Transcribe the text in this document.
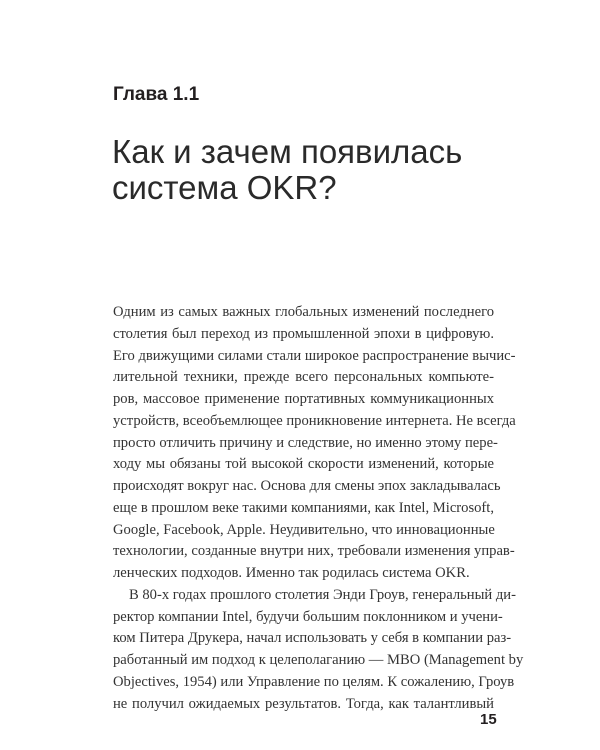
Глава 1.1
Как и зачем появилась
система OKR?
Одним из самых важных глобальных изменений последнего
столетия был переход из промышленной эпохи в цифровую.
Его движущими силами стали широкое распространение вычис-
лительной техники, прежде всего персональных компьюте-
ров, массовое применение портативных коммуникационных
устройств, всеобъемлющее проникновение интернета. Не всегда
просто отличить причину и следствие, но именно этому пере-
ходу мы обязаны той высокой скорости изменений, которые
происходят вокруг нас. Основа для смены эпох закладывалась
еще в прошлом веке такими компаниями, как Intel, Microsoft,
Google, Facebook, Apple. Неудивительно, что инновационные
технологии, созданные внутри них, требовали изменения управ-
ленческих подходов. Именно так родилась система OKR.
В 80-х годах прошлого столетия Энди Гроув, генеральный ди-
ректор компании Intel, будучи большим поклонником и учени-
ком Питера Друкера, начал использовать у себя в компании раз-
работанный им подход к целеполаганию — MBO (Management by
Objectives, 1954) или Управление по целям. К сожалению, Гроув
не получил ожидаемых результатов. Тогда, как талантливый
15
